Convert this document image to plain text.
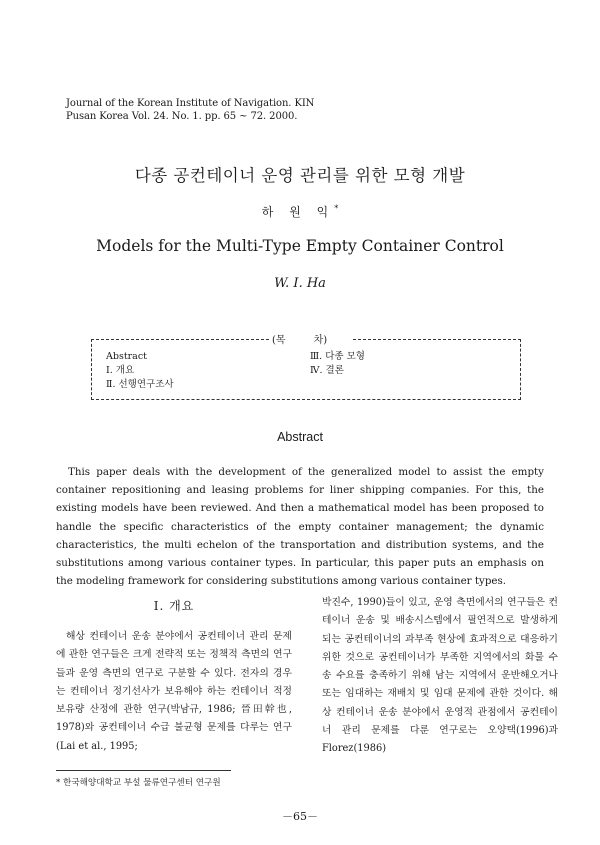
Journal of the Korean Institute of Navigation. KIN
Pusan Korea Vol. 24. No. 1. pp. 65 ~ 72. 2000.
다종 공컨테이너 운영 관리를 위한 모형 개발
하 원 익*
Models for the Multi-Type Empty Container Control
W. I. Ha
(목	차)
Abstract
Ⅰ. 개요
Ⅱ. 선행연구조사
Ⅲ. 다종 모형
Ⅳ. 결론
Abstract
This paper deals with the development of the generalized model to assist the empty container repositioning and leasing problems for liner shipping companies. For this, the existing models have been reviewed. And then a mathematical model has been proposed to handle the specific characteristics of the empty container management; the dynamic characteristics, the multi echelon of the transportation and distribution systems, and the substitutions among various container types. In particular, this paper puts an emphasis on the modeling framework for considering substitutions among various container types.
Ⅰ. 개요
해상 컨테이너 운송 분야에서 공컨테이너 관리 문제에 관한 연구들은 크게 전략적 또는 정책적 측면의 연구들과 운영 측면의 연구로 구분할 수 있다. 전자의 경우는 컨테이너 정기선사가 보유해야 하는 컨테이너 적정 보유량 산정에 관한 연구(박남규, 1986; 晉田幹也, 1978)와 공컨테이너 수급 불균형 문제를 다루는 연구(Lai et al., 1995;
박진수, 1990)들이 있고, 운영 측면에서의 연구들은 컨테이너 운송 및 배송시스템에서 필연적으로 발생하게 되는 공컨테이너의 과부족 현상에 효과적으로 대응하기 위한 것으로 공컨테이너가 부족한 지역에서의 화물 수송 수요를 충족하기 위해 남는 지역에서 운반해오거나 또는 임대하는 재배치 및 임대 문제에 관한 것이다. 해상 컨테이너 운송 분야에서 운영적 관점에서 공컨테이너 관리 문제를 다룬 연구로는 오양택(1996)과 Florez(1986)
* 한국해양대학교 부설 물류연구센터 연구원
－65－
